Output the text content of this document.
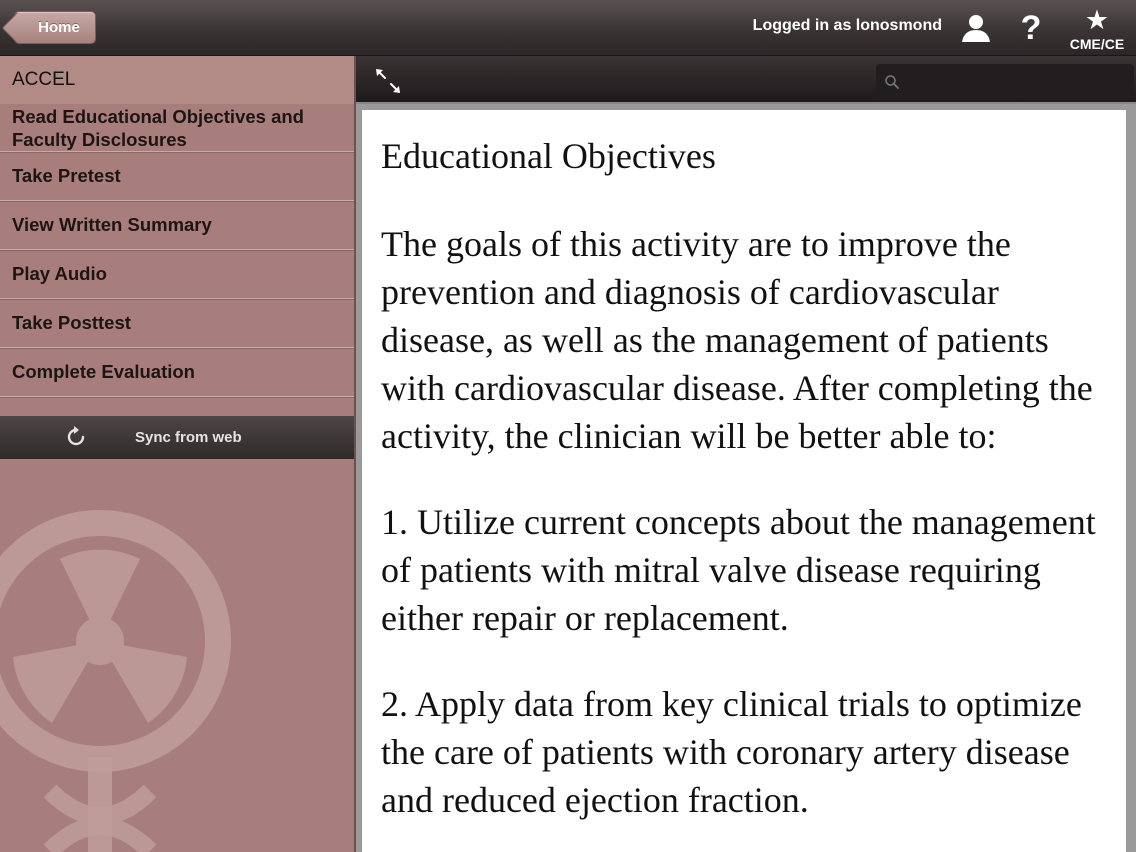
Home	Logged in as lonosmond ?	★
CME/CE
ACCEL
Read Educational Objectives and Faculty Disclosures
Take Pretest
View Written Summary
Play Audio
Take Posttest
Complete Evaluation
Sync from web
Educational Objectives

The goals of this activity are to improve the prevention and diagnosis of cardiovascular disease, as well as the management of patients with cardiovascular disease. After completing the activity, the clinician will be better able to:

1. Utilize current concepts about the management of patients with mitral valve disease requiring either repair or replacement.

2. Apply data from key clinical trials to optimize the care of patients with coronary artery disease and reduced ejection fraction.
